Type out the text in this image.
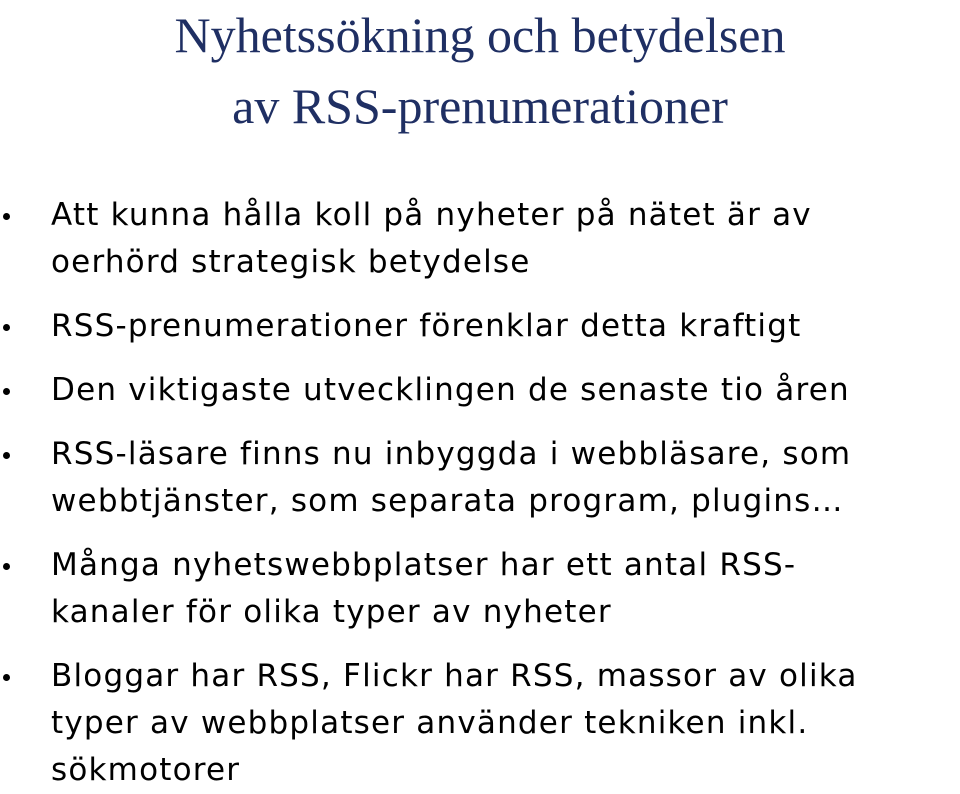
Nyhetssökning och betydelsen
av RSS-prenumerationer
Att kunna hålla koll på nyheter på nätet är av
oerhörd strategisk betydelse
RSS-prenumerationer förenklar detta kraftigt
Den viktigaste utvecklingen de senaste tio åren
RSS-läsare finns nu inbyggda i webbläsare, som
webbtjänster, som separata program, plugins…
Många nyhetswebbplatser har ett antal RSS-
kanaler för olika typer av nyheter
Bloggar har RSS, Flickr har RSS, massor av olika
typer av webbplatser använder tekniken inkl.
sökmotorer
